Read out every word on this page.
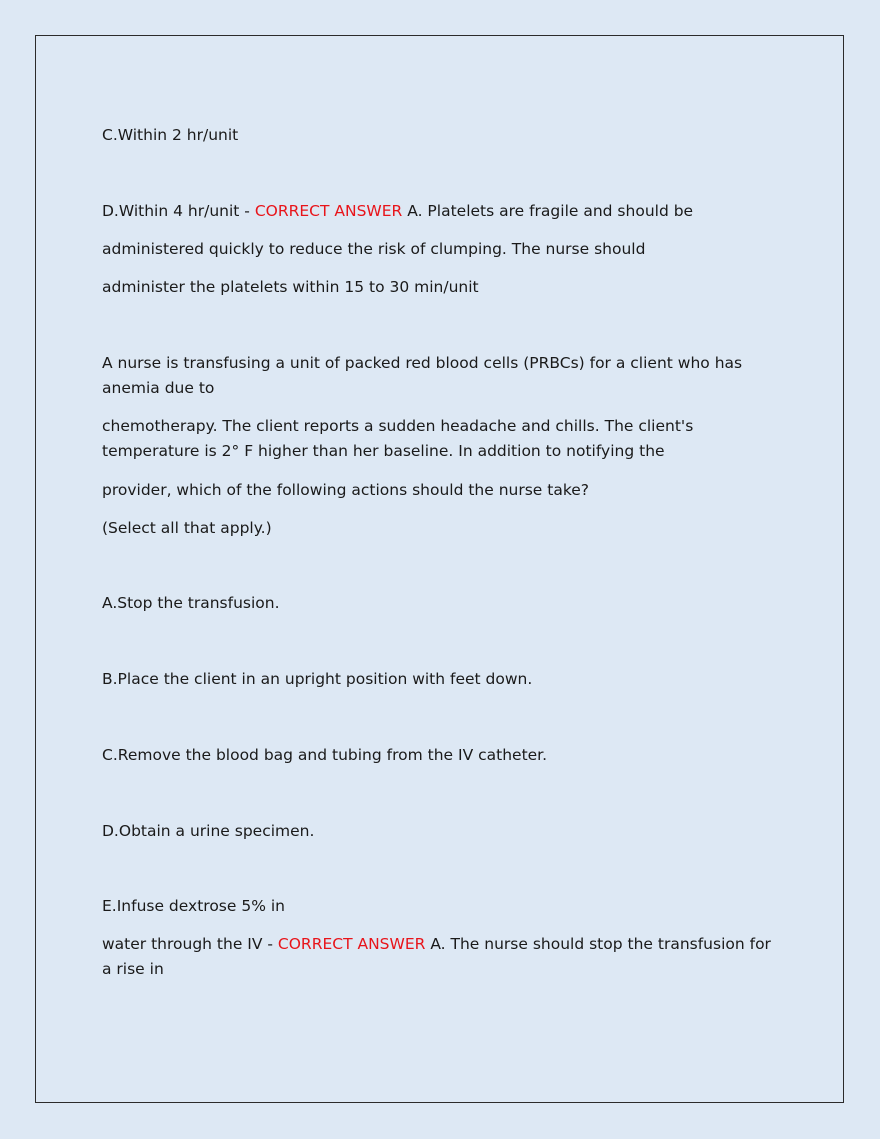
C.Within 2 hr/unit
D.Within 4 hr/unit - CORRECT ANSWER A. Platelets are fragile and should be
administered quickly to reduce the risk of clumping. The nurse should
administer the platelets within 15 to 30 min/unit
A nurse is transfusing a unit of packed red blood cells (PRBCs) for a client who has anemia due to
chemotherapy. The client reports a sudden headache and chills. The client's temperature is 2° F higher than her baseline. In addition to notifying the
provider, which of the following actions should the nurse take?
(Select all that apply.)
A.Stop the transfusion.
B.Place the client in an upright position with feet down.
C.Remove the blood bag and tubing from the IV catheter.
D.Obtain a urine specimen.
E.Infuse dextrose 5% in
water through the IV - CORRECT ANSWER A. The nurse should stop the transfusion for a rise in
